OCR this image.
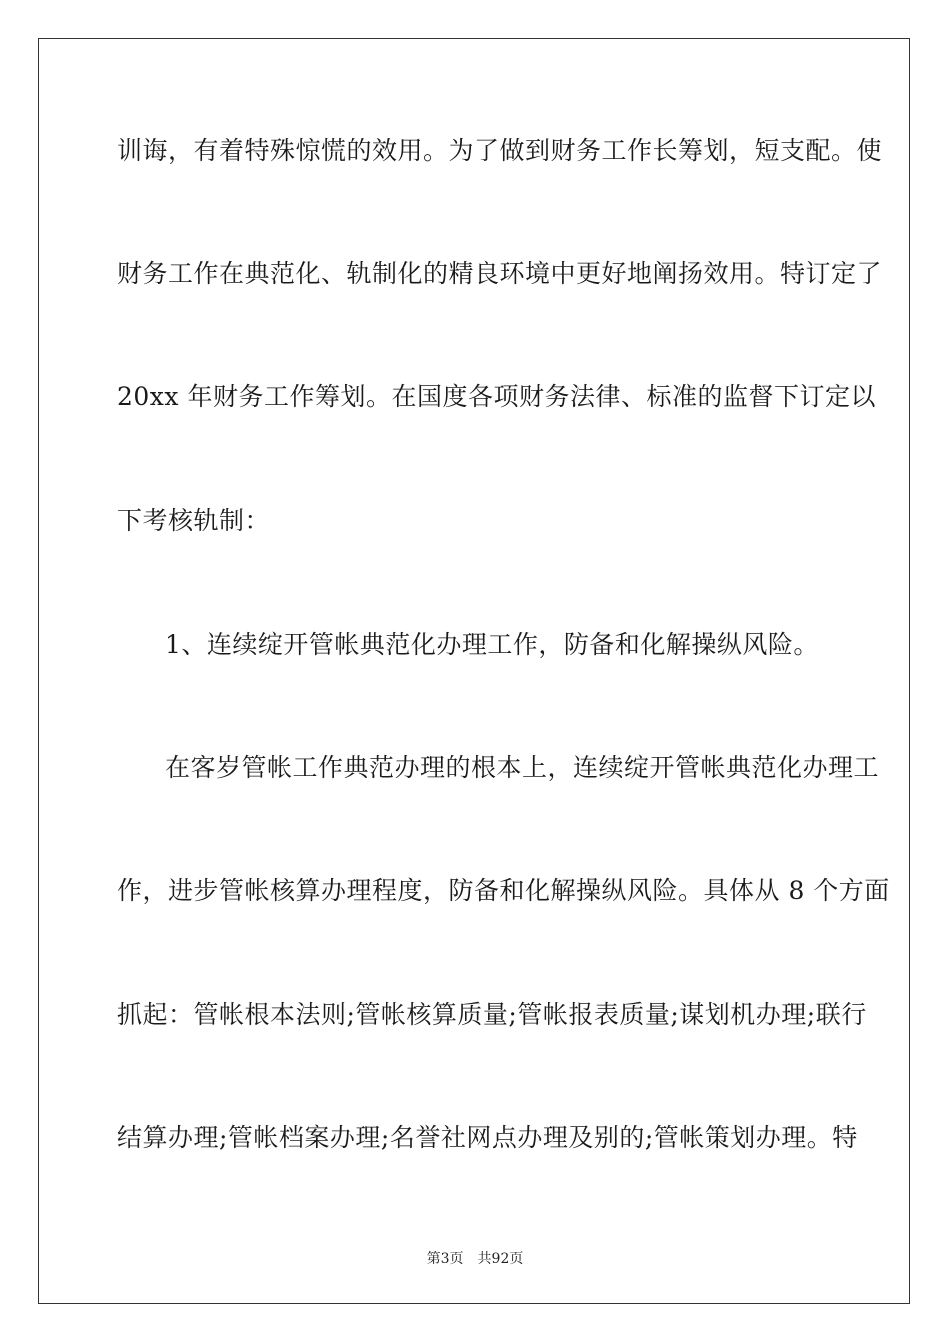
训诲，有着特殊惊慌的效用。为了做到财务工作长筹划，短支配。使
财务工作在典范化、轨制化的精良环境中更好地阐扬效用。特订定了
20xx 年财务工作筹划。在国度各项财务法律、标准的监督下订定以
下考核轨制：
1、连续绽开管帐典范化办理工作，防备和化解操纵风险。
在客岁管帐工作典范办理的根本上，连续绽开管帐典范化办理工
作，进步管帐核算办理程度，防备和化解操纵风险。具体从 8 个方面
抓起：管帐根本法则;管帐核算质量;管帐报表质量;谋划机办理;联行
结算办理;管帐档案办理;名誉社网点办理及别的;管帐策划办理。特
第3页 共92页
